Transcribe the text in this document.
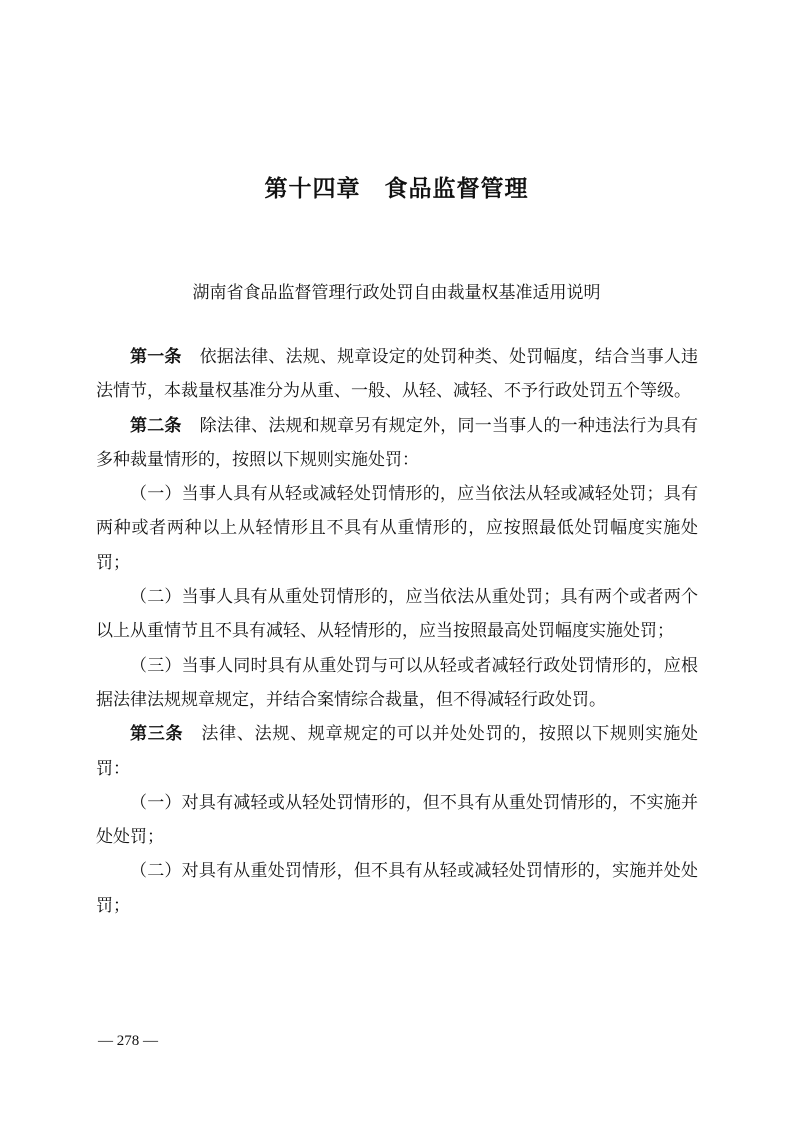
第十四章　食品监督管理
湖南省食品监督管理行政处罚自由裁量权基准适用说明

第一条 依据法律、法规、规章设定的处罚种类、处罚幅度，结合当事人违法情节，本裁量权基准分为从重、一般、从轻、减轻、不予行政处罚五个等级。

第二条 除法律、法规和规章另有规定外，同一当事人的一种违法行为具有多种裁量情形的，按照以下规则实施处罚：

（一）当事人具有从轻或减轻处罚情形的，应当依法从轻或减轻处罚；具有两种或者两种以上从轻情形且不具有从重情形的，应按照最低处罚幅度实施处罚；

（二）当事人具有从重处罚情形的，应当依法从重处罚；具有两个或者两个以上从重情节且不具有减轻、从轻情形的，应当按照最高处罚幅度实施处罚；

（三）当事人同时具有从重处罚与可以从轻或者减轻行政处罚情形的，应根据法律法规规章规定，并结合案情综合裁量，但不得减轻行政处罚。

第三条 法律、法规、规章规定的可以并处处罚的，按照以下规则实施处罚：

（一）对具有减轻或从轻处罚情形的，但不具有从重处罚情形的，不实施并处处罚；

（二）对具有从重处罚情形，但不具有从轻或减轻处罚情形的，实施并处处罚；

— 278 —
